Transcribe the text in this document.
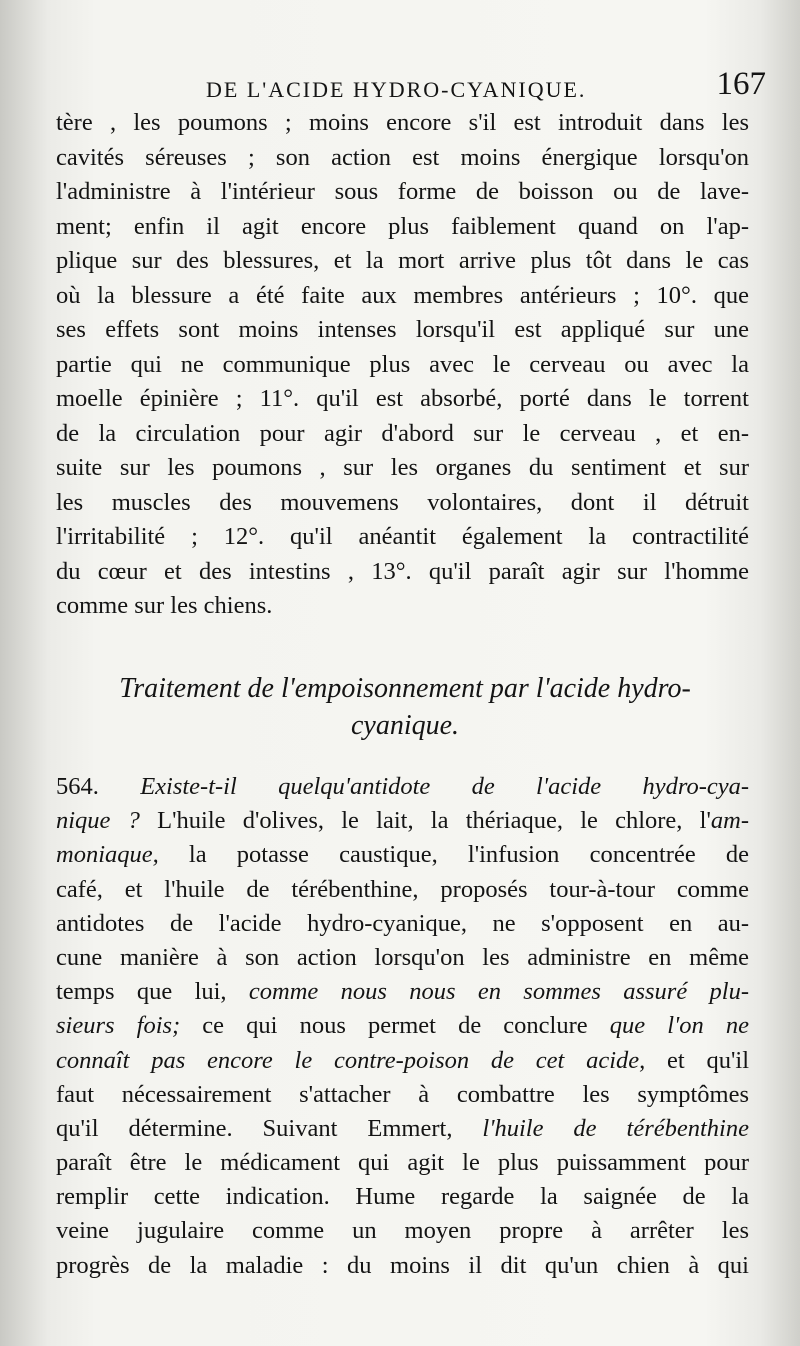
DE L'ACIDE HYDRO-CYANIQUE.	167
tère , les poumons ; moins encore s'il est introduit dans les
cavités séreuses ; son action est moins énergique lorsqu'on
l'administre à l'intérieur sous forme de boisson ou de lave-
ment; enfin il agit encore plus faiblement quand on l'ap-
plique sur des blessures, et la mort arrive plus tôt dans le cas
où la blessure a été faite aux membres antérieurs ; 10°. que
ses effets sont moins intenses lorsqu'il est appliqué sur une
partie qui ne communique plus avec le cerveau ou avec la
moelle épinière ; 11°. qu'il est absorbé, porté dans le torrent
de la circulation pour agir d'abord sur le cerveau , et en-
suite sur les poumons , sur les organes du sentiment et sur
les muscles des mouvemens volontaires, dont il détruit
l'irritabilité ; 12°. qu'il anéantit également la contractilité
du cœur et des intestins , 13°. qu'il paraît agir sur l'homme
comme sur les chiens.
Traitement de l'empoisonnement par l'acide hydro-
cyanique.
564. Existe-t-il quelqu'antidote de l'acide hydro-cya-
nique ? L'huile d'olives, le lait, la thériaque, le chlore, l'am-
moniaque, la potasse caustique, l'infusion concentrée de
café, et l'huile de térébenthine, proposés tour-à-tour comme
antidotes de l'acide hydro-cyanique, ne s'opposent en au-
cune manière à son action lorsqu'on les administre en même
temps que lui, comme nous nous en sommes assuré plu-
sieurs fois; ce qui nous permet de conclure que l'on ne
connaît pas encore le contre-poison de cet acide, et qu'il
faut nécessairement s'attacher à combattre les symptômes
qu'il détermine. Suivant Emmert, l'huile de térébenthine
paraît être le médicament qui agit le plus puissamment pour
remplir cette indication. Hume regarde la saignée de la
veine jugulaire comme un moyen propre à arrêter les
progrès de la maladie : du moins il dit qu'un chien à qui
